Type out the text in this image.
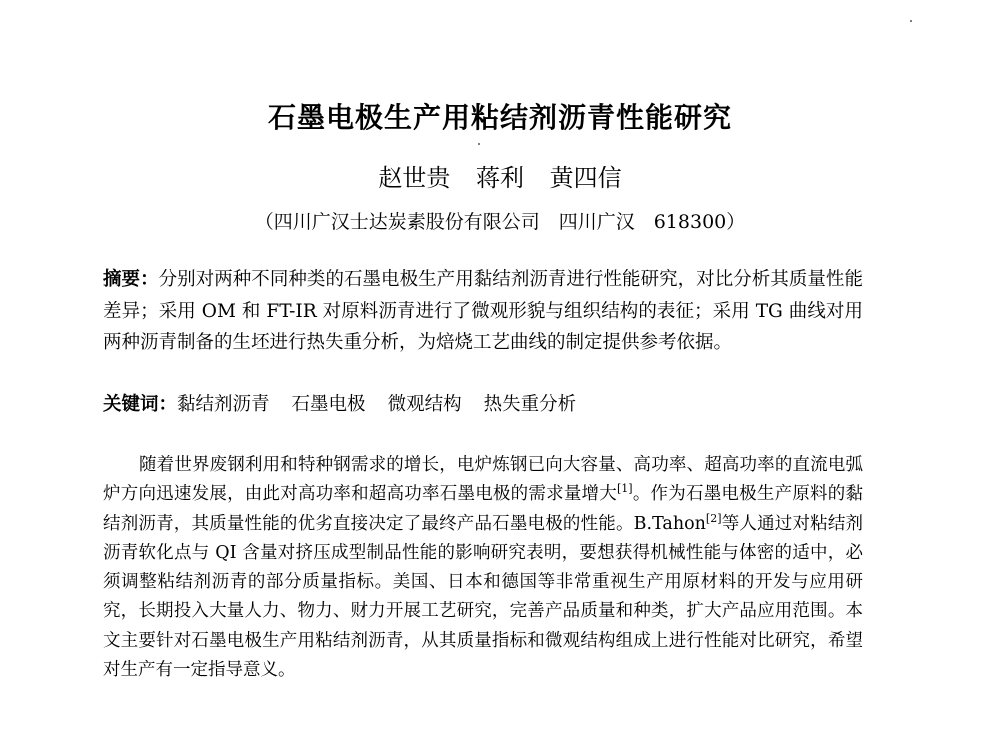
石墨电极生产用粘结剂沥青性能研究
赵世贵 蒋利 黄四信
（四川广汉士达炭素股份有限公司　四川广汉　618300）
摘要：分别对两种不同种类的石墨电极生产用黏结剂沥青进行性能研究，对比分析其质量性能差异；采用 OM 和 FT-IR 对原料沥青进行了微观形貌与组织结构的表征；采用 TG 曲线对用两种沥青制备的生坯进行热失重分析，为焙烧工艺曲线的制定提供参考依据。
关键词：黏结剂沥青 石墨电极 微观结构 热失重分析
随着世界废钢利用和特种钢需求的增长，电炉炼钢已向大容量、高功率、超高功率的直流电弧炉方向迅速发展，由此对高功率和超高功率石墨电极的需求量增大[1]。作为石墨电极生产原料的黏结剂沥青，其质量性能的优劣直接决定了最终产品石墨电极的性能。B.Tahon[2]等人通过对粘结剂沥青软化点与 QI 含量对挤压成型制品性能的影响研究表明，要想获得机械性能与体密的适中，必须调整粘结剂沥青的部分质量指标。美国、日本和德国等非常重视生产用原材料的开发与应用研究，长期投入大量人力、物力、财力开展工艺研究，完善产品质量和种类，扩大产品应用范围。本文主要针对石墨电极生产用粘结剂沥青，从其质量指标和微观结构组成上进行性能对比研究，希望对生产有一定指导意义。
